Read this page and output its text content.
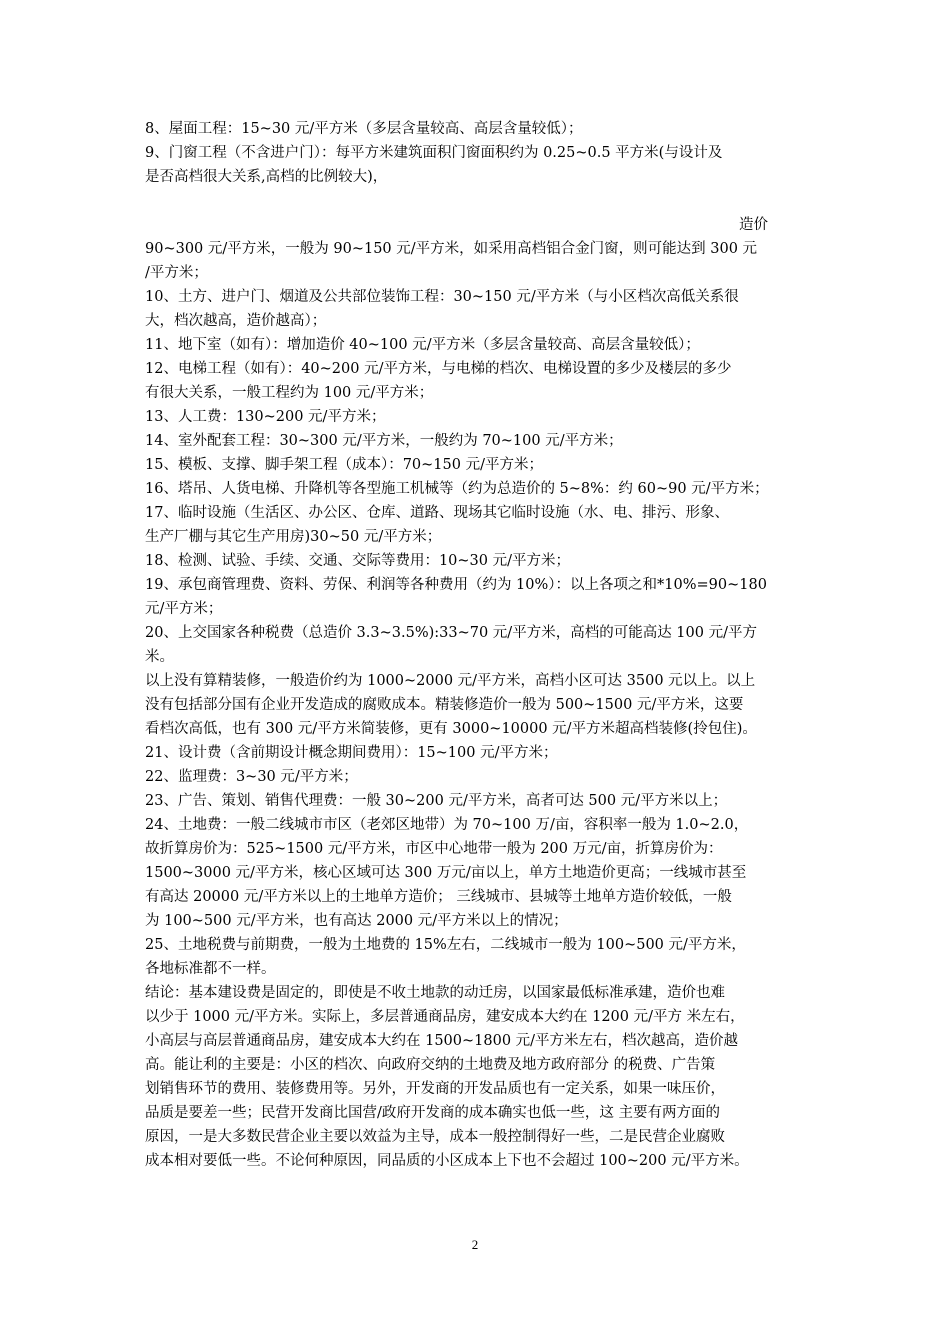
8、屋面工程：15~30 元/平方米（多层含量较高、高层含量较低）；
9、门窗工程（不含进户门）：每平方米建筑面积门窗面积约为 0.25~0.5 平方米(与设计及
是否高档很大关系,高档的比例较大)，
造价
90~300 元/平方米，一般为 90~150 元/平方米，如采用高档铝合金门窗，则可能达到 300 元
/平方米；
10、土方、进户门、烟道及公共部位装饰工程：30~150 元/平方米（与小区档次高低关系很
大，档次越高，造价越高）；
11、地下室（如有）：增加造价 40~100 元/平方米（多层含量较高、高层含量较低）；
12、电梯工程（如有）：40~200 元/平方米，与电梯的档次、电梯设置的多少及楼层的多少
有很大关系，一般工程约为 100 元/平方米；
13、人工费：130~200 元/平方米；
14、室外配套工程：30~300 元/平方米，一般约为 70~100 元/平方米；
15、模板、支撑、脚手架工程（成本）：70~150 元/平方米；
16、塔吊、人货电梯、升降机等各型施工机械等（约为总造价的 5~8%：约 60~90 元/平方米；
17、临时设施（生活区、办公区、仓库、道路、现场其它临时设施（水、电、排污、形象、
生产厂棚与其它生产用房)30~50 元/平方米；
18、检测、试验、手续、交通、交际等费用：10~30 元/平方米；
19、承包商管理费、资料、劳保、利润等各种费用（约为 10%）：以上各项之和*10%=90~180
元/平方米；
20、上交国家各种税费（总造价 3.3~3.5%):33~70 元/平方米，高档的可能高达 100 元/平方
米。
以上没有算精装修，一般造价约为 1000~2000 元/平方米，高档小区可达 3500 元以上。以上
没有包括部分国有企业开发造成的腐败成本。精装修造价一般为 500~1500 元/平方米，这要
看档次高低，也有 300 元/平方米简装修，更有 3000~10000 元/平方米超高档装修(拎包住)。
21、设计费（含前期设计概念期间费用）：15~100 元/平方米；
22、监理费：3~30 元/平方米；
23、广告、策划、销售代理费：一般 30~200 元/平方米，高者可达 500 元/平方米以上；
24、土地费：一般二线城市市区（老郊区地带）为 70~100 万/亩，容积率一般为 1.0~2.0，
故折算房价为：525~1500 元/平方米，市区中心地带一般为 200 万元/亩，折算房价为：
1500~3000 元/平方米，核心区域可达 300 万元/亩以上，单方土地造价更高；一线城市甚至
有高达 20000 元/平方米以上的土地单方造价； 三线城市、县城等土地单方造价较低，一般
为 100~500 元/平方米，也有高达 2000 元/平方米以上的情况；
25、土地税费与前期费，一般为土地费的 15%左右，二线城市一般为 100~500 元/平方米，
各地标准都不一样。
结论：基本建设费是固定的，即使是不收土地款的动迁房，以国家最低标准承建，造价也难
以少于 1000 元/平方米。实际上，多层普通商品房，建安成本大约在 1200 元/平方 米左右，
小高层与高层普通商品房，建安成本大约在 1500~1800 元/平方米左右，档次越高，造价越
高。能让利的主要是：小区的档次、向政府交纳的土地费及地方政府部分 的税费、广告策
划销售环节的费用、装修费用等。另外，开发商的开发品质也有一定关系，如果一味压价，
品质是要差一些；民营开发商比国营/政府开发商的成本确实也低一些，这 主要有两方面的
原因，一是大多数民营企业主要以效益为主导，成本一般控制得好一些，二是民营企业腐败
成本相对要低一些。不论何种原因，同品质的小区成本上下也不会超过 100~200 元/平方米。
2
